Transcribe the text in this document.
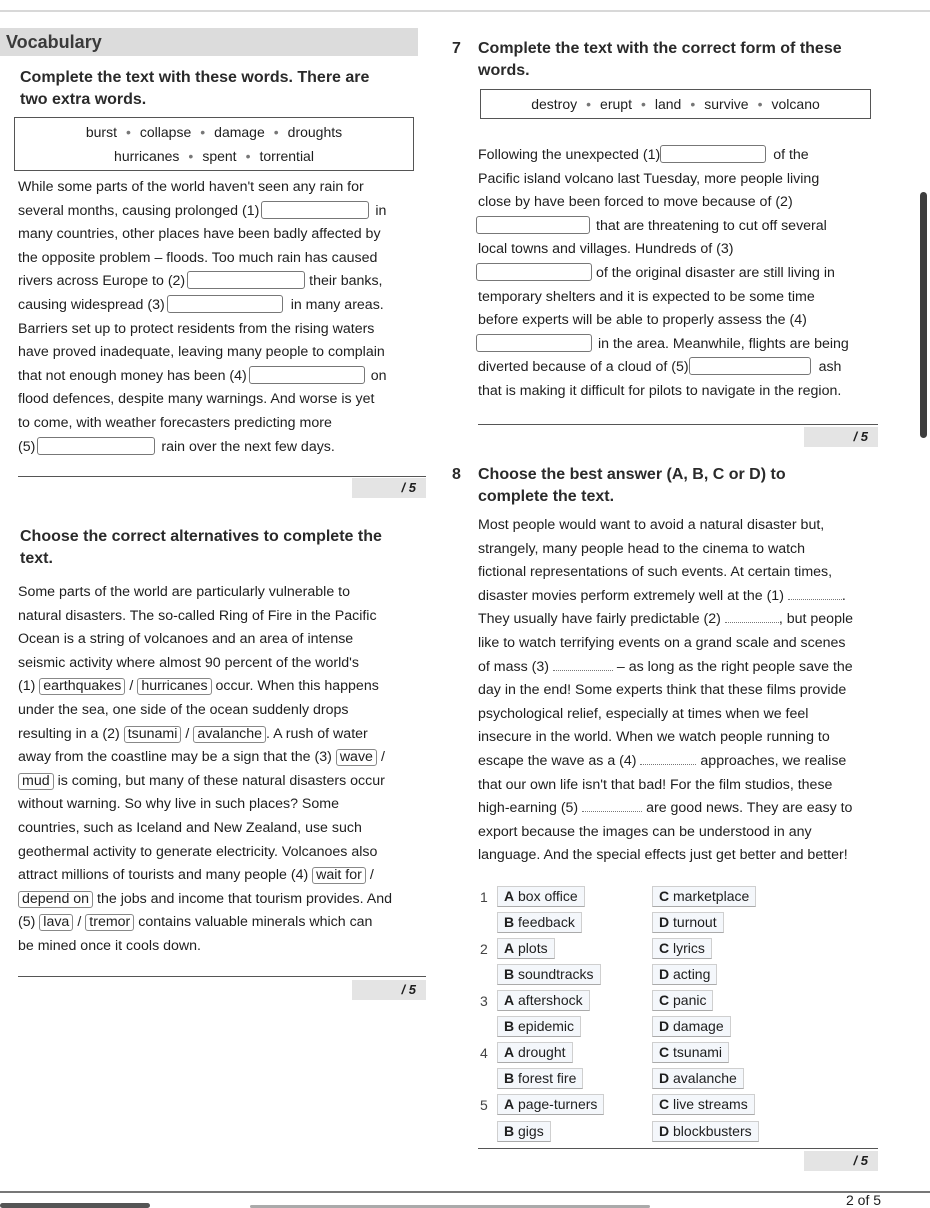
Vocabulary
Complete the text with these words. There are
two extra words.
burst • collapse • damage • droughts
hurricanes • spent • torrential
While some parts of the world haven't seen any rain for
several months, causing prolonged (1)	in
many countries, other places have been badly affected by
the opposite problem – floods. Too much rain has caused
rivers across Europe to (2)	their banks,
causing widespread (3)	in many areas.
Barriers set up to protect residents from the rising waters
have proved inadequate, leaving many people to complain
that not enough money has been (4)	on
flood defences, despite many warnings. And worse is yet
to come, with weather forecasters predicting more
(5)	rain over the next few days.
/ 5
Choose the correct alternatives to complete the
text.
Some parts of the world are particularly vulnerable to
natural disasters. The so-called Ring of Fire in the Pacific
Ocean is a string of volcanoes and an area of intense
seismic activity where almost 90 percent of the world's
(1) earthquakes / hurricanes occur. When this happens
under the sea, one side of the ocean suddenly drops
resulting in a (2) tsunami / avalanche . A rush of water
away from the coastline may be a sign that the (3) wave /
mud is coming, but many of these natural disasters occur
without warning. So why live in such places? Some
countries, such as Iceland and New Zealand, use such
geothermal activity to generate electricity. Volcanoes also
attract millions of tourists and many people (4) wait for /
depend on the jobs and income that tourism provides. And
(5) lava / tremor contains valuable minerals which can
be mined once it cools down.
/ 5
7 Complete the text with the correct form of these
words.
destroy • erupt • land • survive • volcano
Following the unexpected (1)	of the
Pacific island volcano last Tuesday, more people living
close by have been forced to move because of (2)
that are threatening to cut off several
local towns and villages. Hundreds of (3)
of the original disaster are still living in
temporary shelters and it is expected to be some time
before experts will be able to properly assess the (4)
in the area. Meanwhile, flights are being
diverted because of a cloud of (5)	ash
that is making it difficult for pilots to navigate in the region.
/ 5
8 Choose the best answer (A, B, C or D) to
complete the text.
Most people would want to avoid a natural disaster but,
strangely, many people head to the cinema to watch
fictional representations of such events. At certain times,
disaster movies perform extremely well at the (1)	.
They usually have fairly predictable (2)	, but people
like to watch terrifying events on a grand scale and scenes
of mass (3)	– as long as the right people save the
day in the end! Some experts think that these films provide
psychological relief, especially at times when we feel
insecure in the world. When we watch people running to
escape the wave as a (4)	approaches, we realise
that our own life isn't that bad! For the film studios, these
high-earning (5)	are good news. They are easy to
export because the images can be understood in any
language. And the special effects just get better and better!
1	A box office	C marketplace
B feedback	D turnout
2	A plots	C lyrics
B soundtracks	D acting
3	A aftershock	C panic
B epidemic	D damage
4	A drought	C tsunami
B forest fire	D avalanche
5	A page-turners	C live streams
B gigs	D blockbusters
/ 5
2 of 5
